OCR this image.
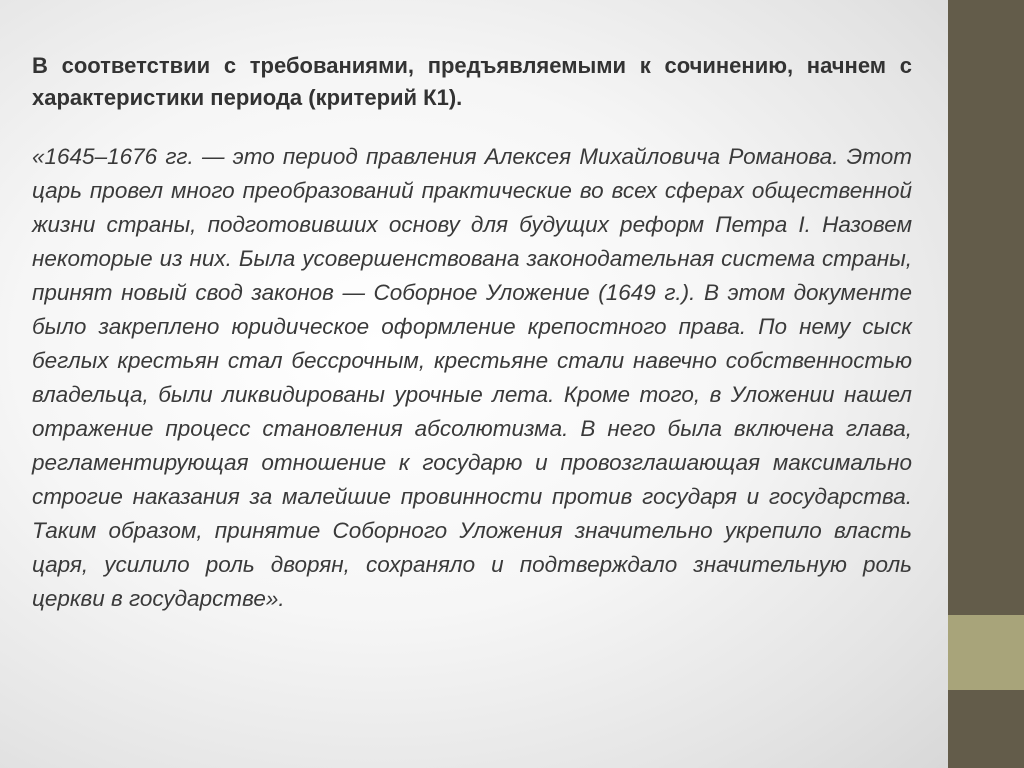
В соответствии с требованиями, предъявляемыми к сочинению, начнем с характеристики периода (критерий К1).

«1645–1676 гг. — это период правления Алексея Михайловича Романова. Этот царь провел много преобразований практические во всех сферах общественной жизни страны, подготовивших основу для будущих реформ Петра I. Назовем некоторые из них. Была усовершенствована законодательная система страны, принят новый свод законов — Соборное Уложение (1649 г.). В этом документе было закреплено юридическое оформление крепостного права. По нему сыск беглых крестьян стал бессрочным, крестьяне стали навечно собственностью владельца, были ликвидированы урочные лета. Кроме того, в Уложении нашел отражение процесс становления абсолютизма. В него была включена глава, регламентирующая отношение к государю и провозглашающая максимально строгие наказания за малейшие провинности против государя и государства. Таким образом, принятие Соборного Уложения значительно укрепило власть царя, усилило роль дворян, сохраняло и подтверждало значительную роль церкви в государстве».
